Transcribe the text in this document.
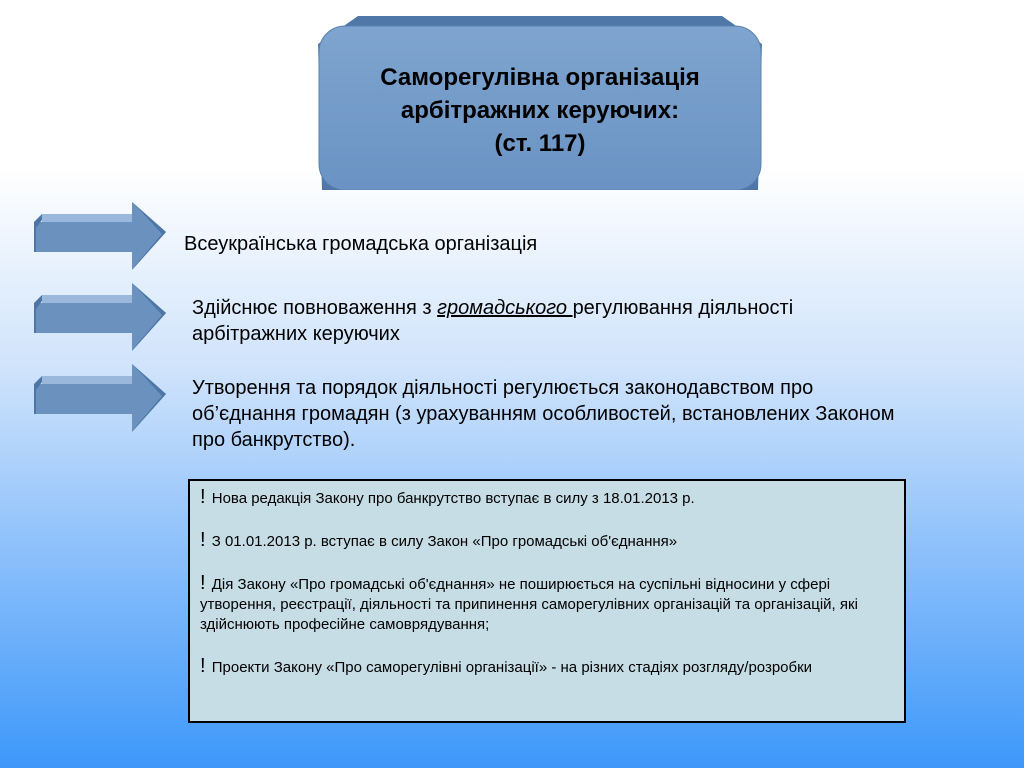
Саморегулівна організація
арбітражних керуючих:
(ст. 117)
Всеукраїнська громадська організація
Здійснює повноваження з громадського регулювання діяльності арбітражних керуючих
Утворення та порядок діяльності регулюється законодавством про об’єднання громадян (з урахуванням особливостей, встановлених Законом про банкрутство).

! Нова редакція Закону про банкрутство вступає в силу з 18.01.2013 р.

! З 01.01.2013 р. вступає в силу Закон «Про громадські об'єднання»

! Дія Закону «Про громадські об'єднання» не поширюється на суспільні відносини у сфері утворення, реєстрації, діяльності та припинення саморегулівних організацій та організацій, які здійснюють професійне самоврядування;

! Проекти Закону «Про саморегулівні організації» - на різних стадіях розгляду/розробки
